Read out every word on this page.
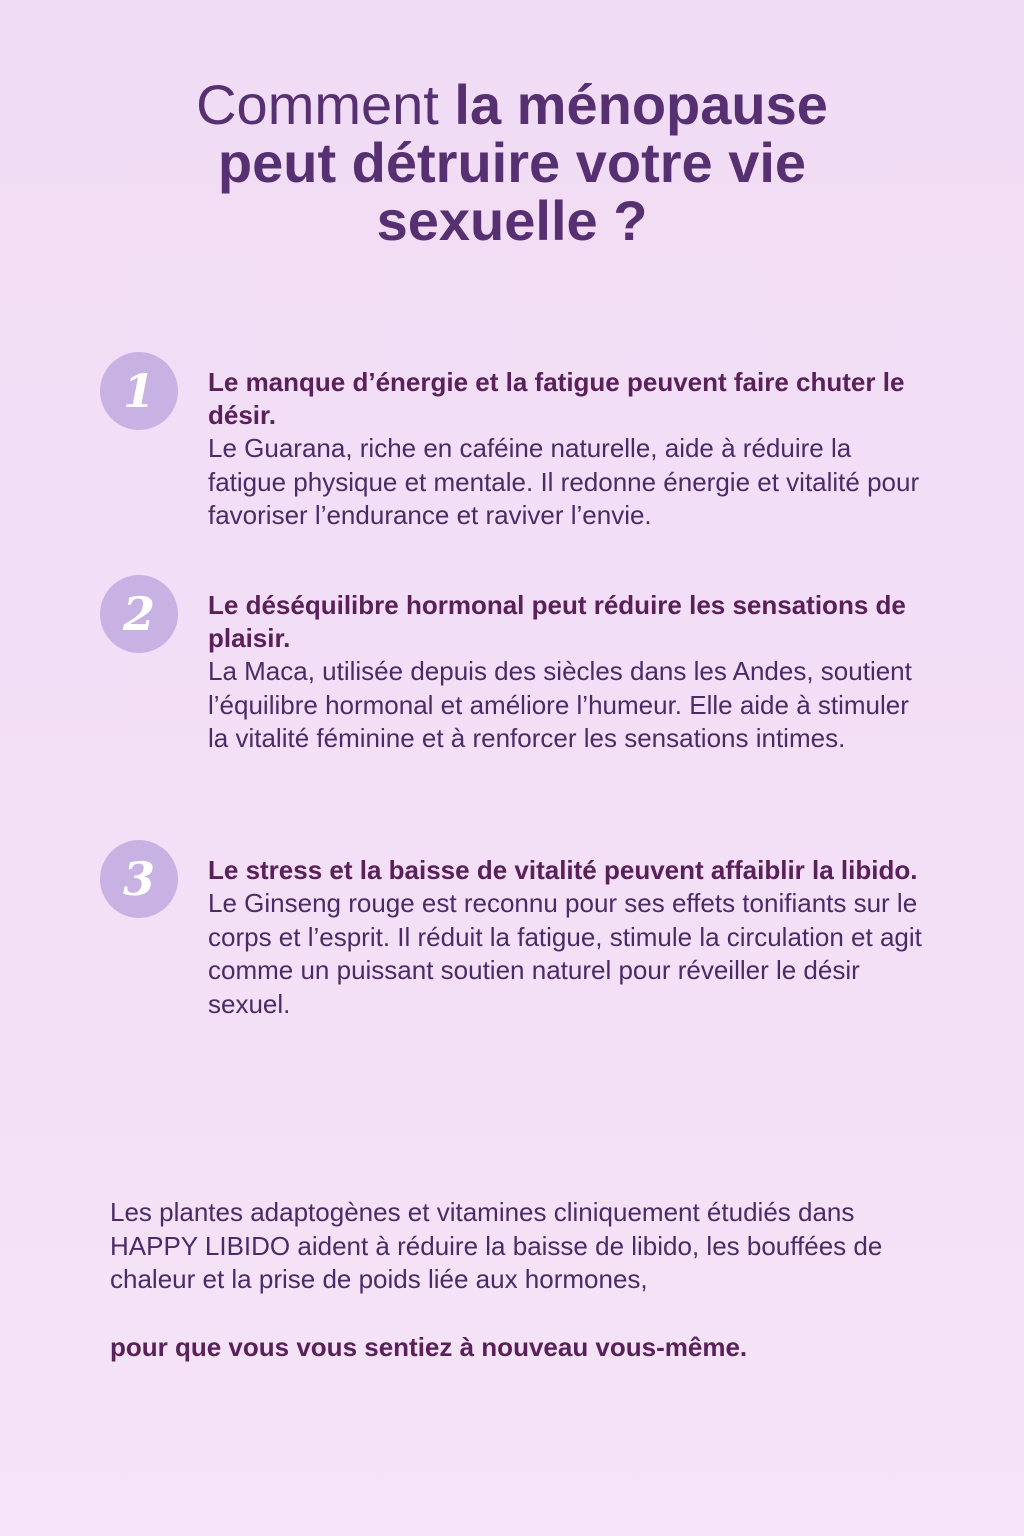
Comment la ménopause
peut détruire votre vie
sexuelle ?
1 Le manque d’énergie et la fatigue peuvent faire chuter le désir.

Le Guarana, riche en caféine naturelle, aide à réduire la fatigue physique et mentale. Il redonne énergie et vitalité pour favoriser l’endurance et raviver l’envie.

2 Le déséquilibre hormonal peut réduire les sensations de plaisir.

La Maca, utilisée depuis des siècles dans les Andes, soutient l’équilibre hormonal et améliore l’humeur. Elle aide à stimuler la vitalité féminine et à renforcer les sensations intimes.

3 Le stress et la baisse de vitalité peuvent affaiblir la libido.

Le Ginseng rouge est reconnu pour ses effets tonifiants sur le corps et l’esprit. Il réduit la fatigue, stimule la circulation et agit comme un puissant soutien naturel pour réveiller le désir sexuel.

Les plantes adaptogènes et vitamines cliniquement étudiés dans HAPPY LIBIDO aident à réduire la baisse de libido, les bouffées de chaleur et la prise de poids liée aux hormones,

pour que vous vous sentiez à nouveau vous-même.
